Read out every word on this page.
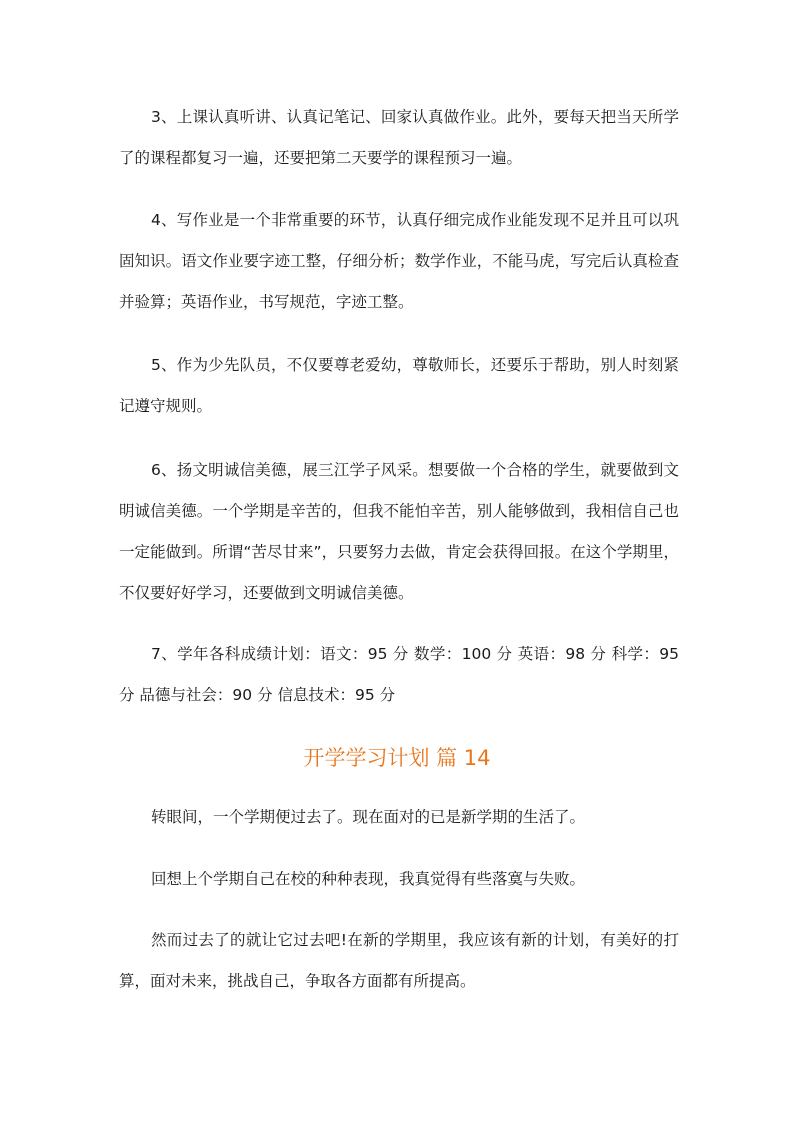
3、上课认真听讲、认真记笔记、回家认真做作业。此外，要每天把当天所学了的课程都复习一遍，还要把第二天要学的课程预习一遍。

4、写作业是一个非常重要的环节，认真仔细完成作业能发现不足并且可以巩固知识。语文作业要字迹工整，仔细分析；数学作业，不能马虎，写完后认真检查并验算；英语作业，书写规范，字迹工整。

5、作为少先队员，不仅要尊老爱幼，尊敬师长，还要乐于帮助，别人时刻紧记遵守规则。

6、扬文明诚信美德，展三江学子风采。想要做一个合格的学生，就要做到文明诚信美德。一个学期是辛苦的，但我不能怕辛苦，别人能够做到，我相信自己也一定能做到。所谓“苦尽甘来”，只要努力去做，肯定会获得回报。在这个学期里，不仅要好好学习，还要做到文明诚信美德。

7、学年各科成绩计划：语文：95 分 数学：100 分 英语：98 分 科学：95 分 品德与社会：90 分 信息技术：95 分

开学学习计划 篇 14

转眼间，一个学期便过去了。现在面对的已是新学期的生活了。

回想上个学期自己在校的种种表现，我真觉得有些落寞与失败。

然而过去了的就让它过去吧!在新的学期里，我应该有新的计划，有美好的打算，面对未来，挑战自己，争取各方面都有所提高。
